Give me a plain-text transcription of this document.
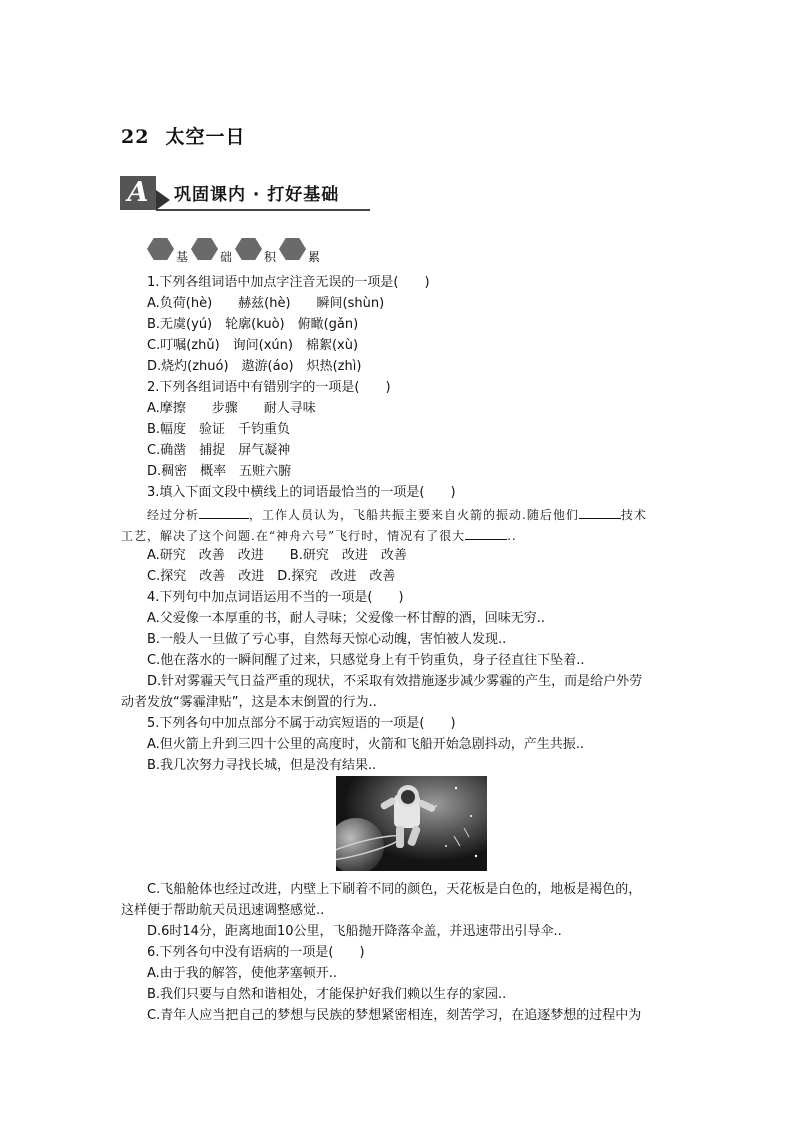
22 太空一日
A	巩固课内 · 打好基础
基	础	积	累
1.下列各组词语中加点字注音无误的一项是(　　)
A.负荷(hè)　　赫兹(hè)　　瞬间(shùn)
B.无虞(yú)　轮廓(kuò)　俯瞰(gǎn)
C.叮嘱(zhǔ)　询问(xún)　棉絮(xù)
D.烧灼(zhuó)　遨游(áo)　炽热(zhì)
2.下列各组词语中有错别字的一项是(　　)
A.摩擦　　步骤　　耐人寻味
B.幅度　验证　千钧重负
C.确凿　捕捉　屏气凝神
D.稠密　概率　五赃六腑
3.填入下面文段中横线上的词语最恰当的一项是(　　)
经过分析	，工作人员认为，飞船共振主要来自火箭的振动.随后他们	技术
工艺，解决了这个问题.在“神舟六号”飞行时，情况有了很大	..
A.研究　改善　改进　　B.研究　改进　改善
C.探究　改善　改进　D.探究　改进　改善
4.下列句中加点词语运用不当的一项是(　　)
A.父爱像一本厚重的书，耐人寻味；父爱像一杯甘醇的酒，回味无穷..
B.一般人一旦做了亏心事，自然每天惊心动魄，害怕被人发现..
C.他在落水的一瞬间醒了过来，只感觉身上有千钧重负，身子径直往下坠着..
D.针对雾霾天气日益严重的现状，不采取有效措施逐步减少雾霾的产生，而是给户外劳
动者发放“雾霾津贴”，这是本末倒置的行为..
5.下列各句中加点部分不属于动宾短语的一项是(　　)
A.但火箭上升到三四十公里的高度时，火箭和飞船开始急剧抖动，产生共振..
B.我几次努力寻找长城，但是没有结果..
C.飞船舱体也经过改进，内壁上下刷着不同的颜色，天花板是白色的，地板是褐色的，
这样便于帮助航天员迅速调整感觉..
D.6时14分，距离地面10公里，飞船抛开降落伞盖，并迅速带出引导伞..
6.下列各句中没有语病的一项是(　　)
A.由于我的解答，使他茅塞顿开..
B.我们只要与自然和谐相处，才能保护好我们赖以生存的家园..
C.青年人应当把自己的梦想与民族的梦想紧密相连，刻苦学习，在追逐梦想的过程中为
